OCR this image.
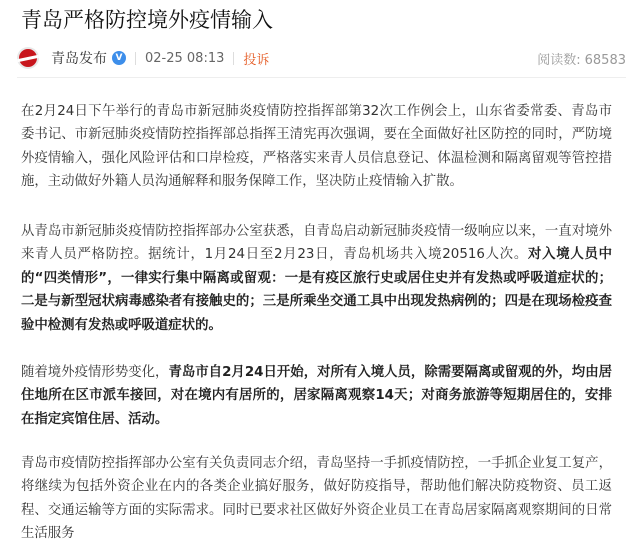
青岛严格防控境外疫情输入
青岛发布 V 02-25 08:13 投诉	阅读数: 68583

在2月24日下午举行的青岛市新冠肺炎疫情防控指挥部第32次工作例会上，山东省委常委、青岛市委书记、市新冠肺炎疫情防控指挥部总指挥王清宪再次强调，要在全面做好社区防控的同时，严防境外疫情输入，强化风险评估和口岸检疫，严格落实来青人员信息登记、体温检测和隔离留观等管控措施，主动做好外籍人员沟通解释和服务保障工作，坚决防止疫情输入扩散。

从青岛市新冠肺炎疫情防控指挥部办公室获悉，自青岛启动新冠肺炎疫情一级响应以来，一直对境外来青人员严格防控。据统计，1月24日至2月23日，青岛机场共入境20516人次。对入境人员中的“四类情形”，一律实行集中隔离或留观：一是有疫区旅行史或居住史并有发热或呼吸道症状的；二是与新型冠状病毒感染者有接触史的；三是所乘坐交通工具中出现发热病例的；四是在现场检疫查验中检测有发热或呼吸道症状的。

随着境外疫情形势变化，青岛市自2月24日开始，对所有入境人员，除需要隔离或留观的外，均由居住地所在区市派车接回，对在境内有居所的，居家隔离观察14天；对商务旅游等短期居住的，安排在指定宾馆住居、活动。

青岛市疫情防控指挥部办公室有关负责同志介绍，青岛坚持一手抓疫情防控，一手抓企业复工复产，将继续为包括外资企业在内的各类企业搞好服务，做好防疫指导，帮助他们解决防疫物资、员工返程、交通运输等方面的实际需求。同时已要求社区做好外资企业员工在青岛居家隔离观察期间的日常生活服务
